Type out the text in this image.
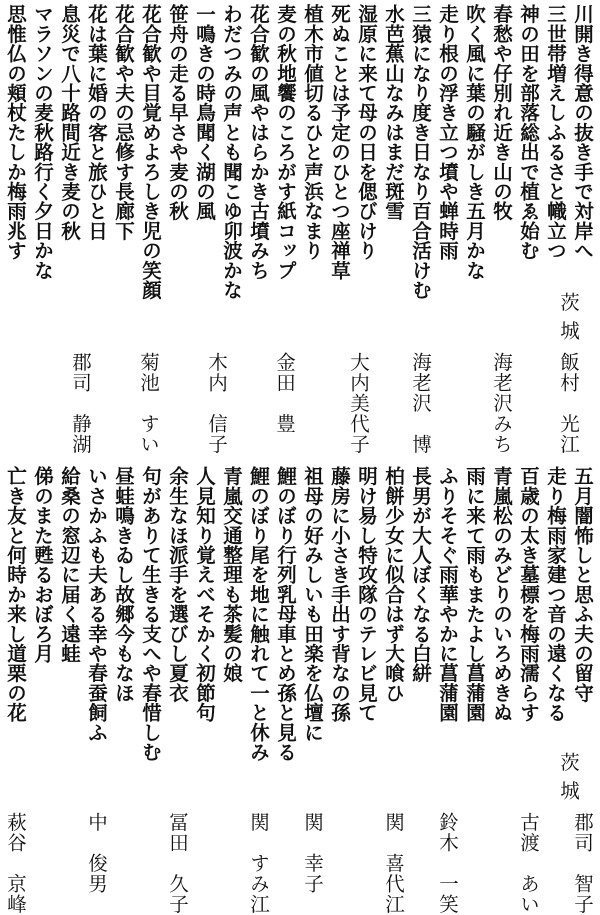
川開き得意の抜き手で対岸へ
三世帯増えしふるさと幟立つ
神の田を部落総出で植ゑ始む
春愁や仔別れ近き山の牧
茨城
飯村　光江
吹く風に葉の騒がしき五月かな
走り根の浮き立つ墳や蝉時雨
三猿になり度き日なり百合活けむ
海老沢みち
水芭蕉山なみはまだ斑雪
湿原に来て母の日を偲びけり
海老沢　博
死ぬことは予定のひとつ座禅草
植木市値切るひと声浜なまり
大内美代子
麦の秋地饗のころがす紙コップ
花合歓の風やはらかき古墳みち
わだつみの声とも聞こゆ卯波かな
金田　豊
一鳴きの時鳥聞く湖の風
笹舟の走る早さや麦の秋
木内　信子
花合歓や目覚めよろしき児の笑顔
花合歓や夫の忌修す長廊下
菊池　すい
花は葉に婚の客と旅ひと日
息災で八十路間近き麦の秋
マラソンの麦秋路行く夕日かな
郡司　静湖
思惟仏の頬杖たしか梅雨兆す
五月闇怖しと思ふ夫の留守
走り梅雨家建つ音の遠くなる
百歳の太き墓標を梅雨濡らす
茨城
郡司　智子
青嵐松のみどりのいろめきぬ
雨に来て雨もまたよし菖蒲園
ふりそそぐ雨華やかに菖蒲園
古渡　あい
長男が大人ぼくなる白絣
柏餅少女に似合はず大喰ひ
鈴木　一笑
明け易し特攻隊のテレビ見て
藤房に小さき手出す背なの孫
祖母の好みしいも田楽を仏壇に
関　喜代江
鯉のぼり行列乳母車とめ孫と見る
鯉のぼり尾を地に触れて一と休み
関　幸子
青嵐交通整理も茶髪の娘
人見知り覚えべそかく初節句
余生なほ派手を選びし夏衣
関　すみ江
句がありて生きる支へや春惜しむ
昼蛙鳴きゐし故郷今もなほ
いさかふも夫ある幸や春蚕飼ふ
冨田　久子
給桑の窓辺に届く遠蛙
俤のまた甦るおぼろ月
亡き友と何時か来し道栗の花
中　俊男
萩谷　京峰
